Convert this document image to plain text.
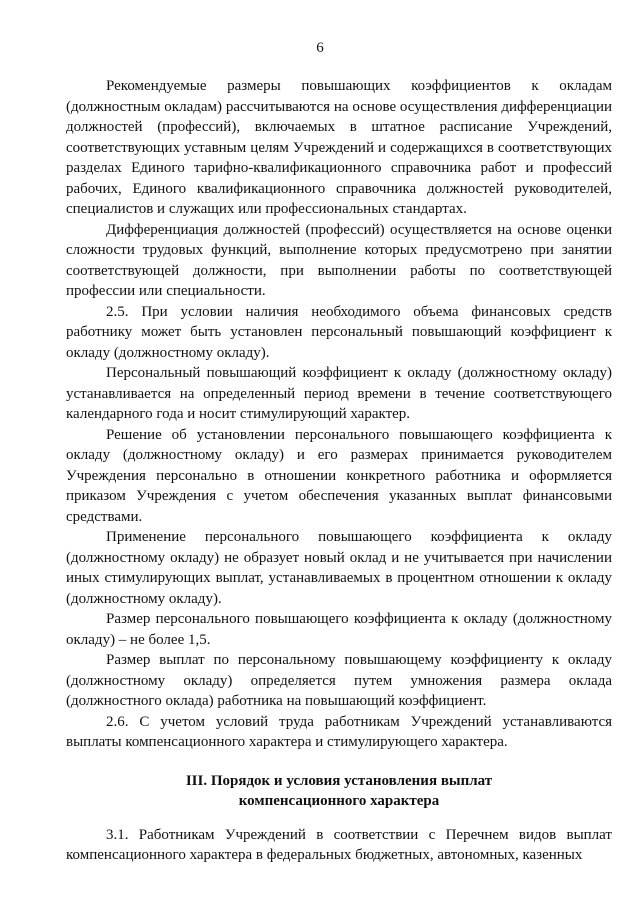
6

Рекомендуемые размеры повышающих коэффициентов к окладам (должностным окладам) рассчитываются на основе осуществления дифференциации должностей (профессий), включаемых в штатное расписание Учреждений, соответствующих уставным целям Учреждений и содержащихся в соответствующих разделах Единого тарифно-квалификационного справочника работ и профессий рабочих, Единого квалификационного справочника должностей руководителей, специалистов и служащих или профессиональных стандартах.

Дифференциация должностей (профессий) осуществляется на основе оценки сложности трудовых функций, выполнение которых предусмотрено при занятии соответствующей должности, при выполнении работы по соответствующей профессии или специальности.

2.5. При условии наличия необходимого объема финансовых средств работнику может быть установлен персональный повышающий коэффициент к окладу (должностному окладу).

Персональный повышающий коэффициент к окладу (должностному окладу) устанавливается на определенный период времени в течение соответствующего календарного года и носит стимулирующий характер.

Решение об установлении персонального повышающего коэффициента к окладу (должностному окладу) и его размерах принимается руководителем Учреждения персонально в отношении конкретного работника и оформляется приказом Учреждения с учетом обеспечения указанных выплат финансовыми средствами.

Применение персонального повышающего коэффициента к окладу (должностному окладу) не образует новый оклад и не учитывается при начислении иных стимулирующих выплат, устанавливаемых в процентном отношении к окладу (должностному окладу).

Размер персонального повышающего коэффициента к окладу (должностному окладу) – не более 1,5.

Размер выплат по персональному повышающему коэффициенту к окладу (должностному окладу) определяется путем умножения размера оклада (должностного оклада) работника на повышающий коэффициент.

2.6. С учетом условий труда работникам Учреждений устанавливаются выплаты компенсационного характера и стимулирующего характера.

III. Порядок и условия установления выплат
компенсационного характера

3.1. Работникам Учреждений в соответствии с Перечнем видов выплат компенсационного характера в федеральных бюджетных, автономных, казенных
